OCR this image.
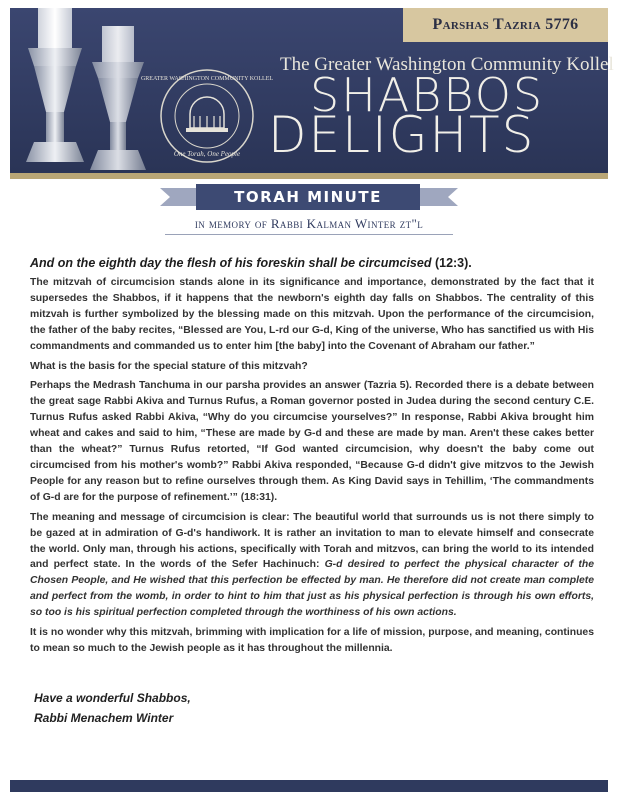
GREATER WASHINGTON COMMUNITY KOLLEL
One Torah, One People
Parshas Tazria 5776
The Greater Washington Community Kollel
SHABBOS
DELIGHTS
TORAH MINUTE
in memory of Rabbi Kalman Winter zt"l

And on the eighth day the flesh of his foreskin shall be circumcised (12:3).

The mitzvah of circumcision stands alone in its significance and importance, demonstrated by the fact that it supersedes the Shabbos, if it happens that the newborn's eighth day falls on Shabbos. The centrality of this mitzvah is further symbolized by the blessing made on this mitzvah. Upon the performance of the circumcision, the father of the baby recites, “Blessed are You, L-rd our G-d, King of the universe, Who has sanctified us with His commandments and commanded us to enter him [the baby] into the Covenant of Abraham our father.”

What is the basis for the special stature of this mitzvah?

Perhaps the Medrash Tanchuma in our parsha provides an answer (Tazria 5). Recorded there is a debate between the great sage Rabbi Akiva and Turnus Rufus, a Roman governor posted in Judea during the second century C.E. Turnus Rufus asked Rabbi Akiva, “Why do you circumcise yourselves?” In response, Rabbi Akiva brought him wheat and cakes and said to him, “These are made by G-d and these are made by man. Aren't these cakes better than the wheat?” Turnus Rufus retorted, “If God wanted circumcision, why doesn't the baby come out circumcised from his mother's womb?” Rabbi Akiva responded, “Because G-d didn't give mitzvos to the Jewish People for any reason but to refine ourselves through them. As King David says in Tehillim, ‘The commandments of G-d are for the purpose of refinement.’” (18:31).

The meaning and message of circumcision is clear: The beautiful world that surrounds us is not there simply to be gazed at in admiration of G-d's handiwork. It is rather an invitation to man to elevate himself and consecrate the world. Only man, through his actions, specifically with Torah and mitzvos, can bring the world to its intended and perfect state. In the words of the Sefer Hachinuch: G-d desired to perfect the physical character of the Chosen People, and He wished that this perfection be effected by man. He therefore did not create man complete and perfect from the womb, in order to hint to him that just as his physical perfection is through his own efforts, so too is his spiritual perfection completed through the worthiness of his own actions.

It is no wonder why this mitzvah, brimming with implication for a life of mission, purpose, and meaning, continues to mean so much to the Jewish people as it has throughout the millennia.

Have a wonderful Shabbos,
Rabbi Menachem Winter
